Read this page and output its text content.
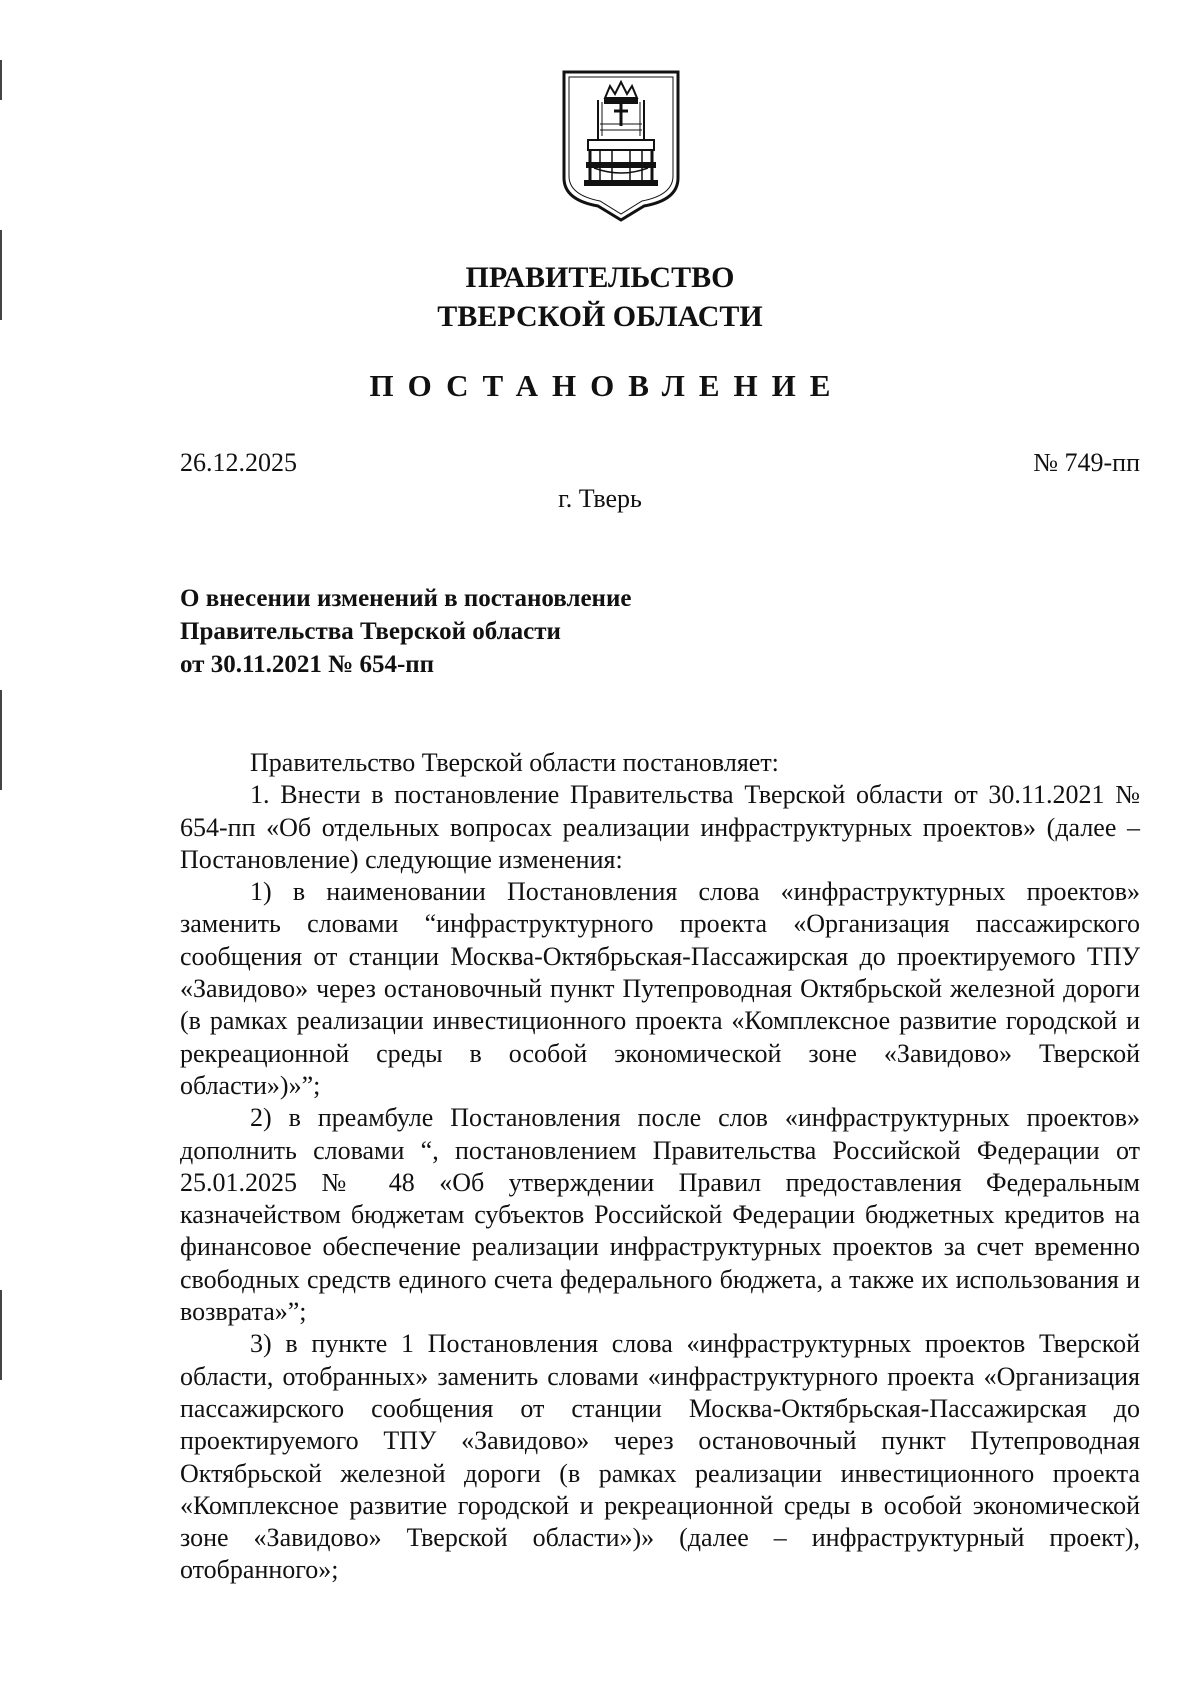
ПРАВИТЕЛЬСТВО
ТВЕРСКОЙ ОБЛАСТИ
ПОСТАНОВЛЕНИЕ
26.12.2025	№ 749-пп
г. Тверь
О внесении изменений в постановление
Правительства Тверской области
от 30.11.2021 № 654-пп

Правительство Тверской области постановляет:

1. Внести в постановление Правительства Тверской области от 30.11.2021 № 654-пп «Об отдельных вопросах реализации инфраструктурных проектов» (далее – Постановление) следующие изменения:

1) в наименовании Постановления слова «инфраструктурных проектов» заменить словами “инфраструктурного проекта «Организация пассажирского сообщения от станции Москва-Октябрьская-Пассажирская до проектируемого ТПУ «Завидово» через остановочный пункт Путепроводная Октябрьской железной дороги (в рамках реализации инвестиционного проекта «Комплексное развитие городской и рекреационной среды в особой экономической зоне «Завидово» Тверской области»)»”;

2) в преамбуле Постановления после слов «инфраструктурных проектов» дополнить словами “, постановлением Правительства Российской Федерации от 25.01.2025 № 48 «Об утверждении Правил предоставления Федеральным казначейством бюджетам субъектов Российской Федерации бюджетных кредитов на финансовое обеспечение реализации инфраструктурных проектов за счет временно свободных средств единого счета федерального бюджета, а также их использования и возврата»”;

3) в пункте 1 Постановления слова «инфраструктурных проектов Тверской области, отобранных» заменить словами «инфраструктурного проекта «Организация пассажирского сообщения от станции Москва-Октябрьская-Пассажирская до проектируемого ТПУ «Завидово» через остановочный пункт Путепроводная Октябрьской железной дороги (в рамках реализации инвестиционного проекта «Комплексное развитие городской и рекреационной среды в особой экономической зоне «Завидово» Тверской области»)» (далее – инфраструктурный проект), отобранного»;
